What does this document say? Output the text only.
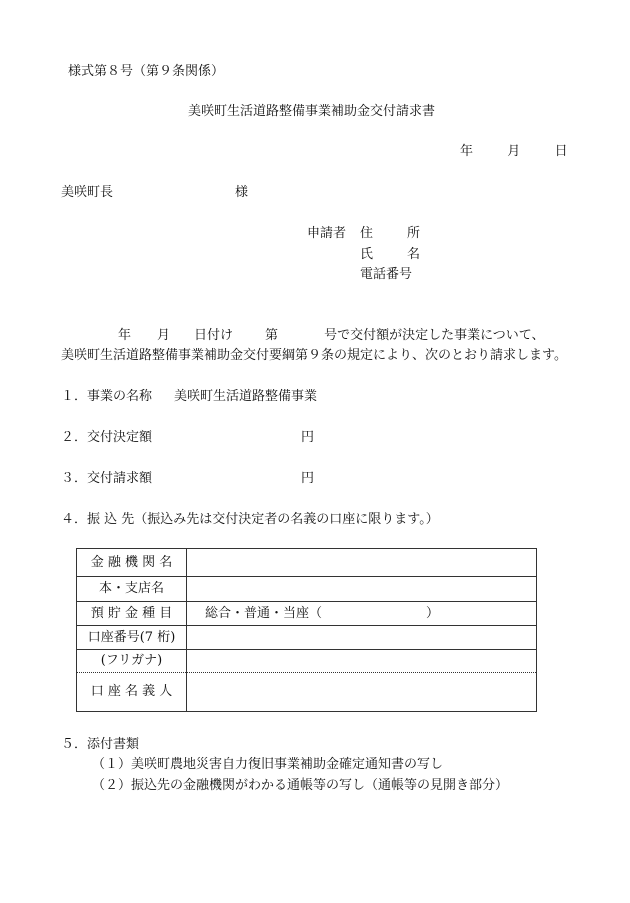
様式第８号（第９条関係）
美咲町生活道路整備事業補助金交付請求書
年	月	日
美咲町長	様
申請者 住	所
氏	名
電話番号
年 月 日付け 第	号で交付額が決定した事業について、
美咲町生活道路整備事業補助金交付要綱第９条の規定により、次のとおり請求します。
１．事業の名称 美咲町生活道路整備事業
２．交付決定額	円
３．交付請求額	円
４．振 込 先（振込み先は交付決定者の名義の口座に限ります。）
金 融 機 関 名	
本・支店名	
預 貯 金 種 目	総合・普通・当座（　　　　　　　　）
口座番号(7 桁)	
(フリガナ)	
口 座 名 義 人	
５．添付書類
（１）美咲町農地災害自力復旧事業補助金確定通知書の写し
（２）振込先の金融機関がわかる通帳等の写し（通帳等の見開き部分）
